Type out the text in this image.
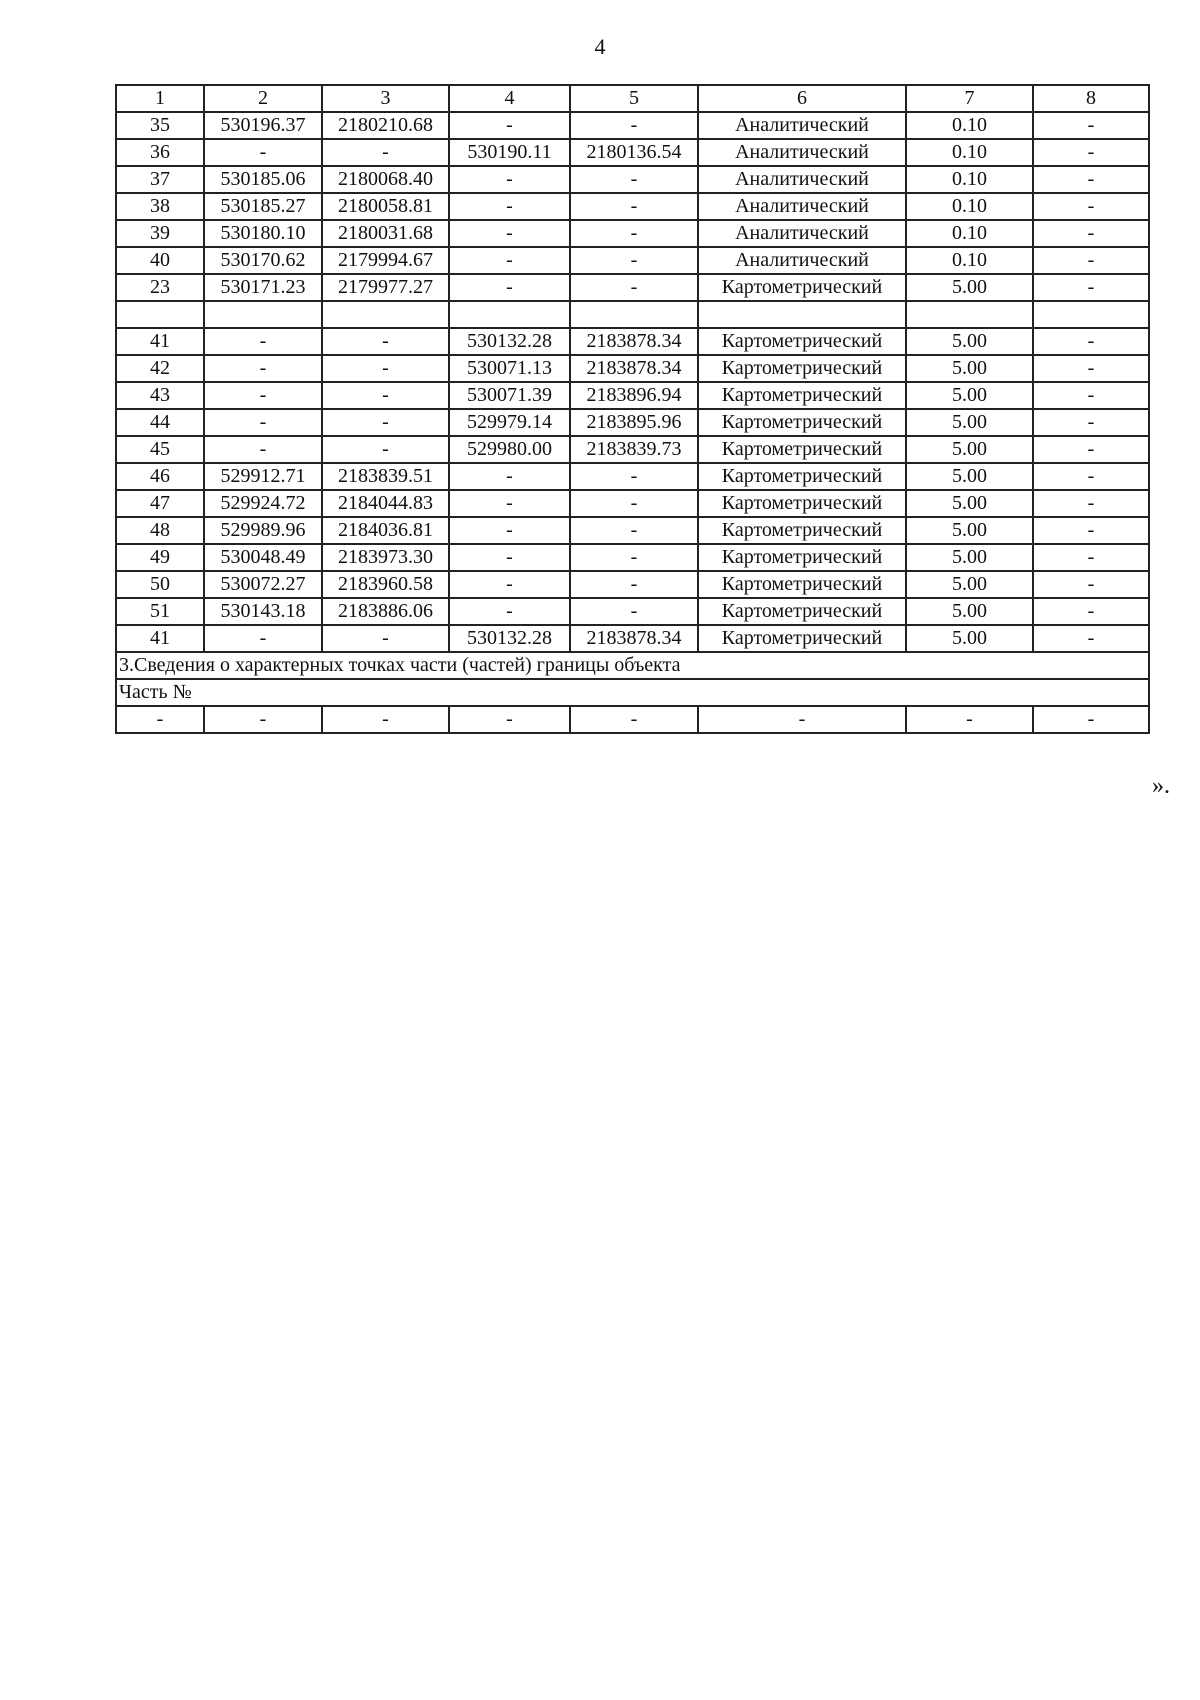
4
1	2	3	4	5	6	7	8
35	530196.37	2180210.68	-	-	Аналитический	0.10	-
36	-	-	530190.11	2180136.54	Аналитический	0.10	-
37	530185.06	2180068.40	-	-	Аналитический	0.10	-
38	530185.27	2180058.81	-	-	Аналитический	0.10	-
39	530180.10	2180031.68	-	-	Аналитический	0.10	-
40	530170.62	2179994.67	-	-	Аналитический	0.10	-
23	530171.23	2179977.27	-	-	Картометрический	5.00	-

41	-	-	530132.28	2183878.34	Картометрический	5.00	-
42	-	-	530071.13	2183878.34	Картометрический	5.00	-
43	-	-	530071.39	2183896.94	Картометрический	5.00	-
44	-	-	529979.14	2183895.96	Картометрический	5.00	-
45	-	-	529980.00	2183839.73	Картометрический	5.00	-
46	529912.71	2183839.51	-	-	Картометрический	5.00	-
47	529924.72	2184044.83	-	-	Картометрический	5.00	-
48	529989.96	2184036.81	-	-	Картометрический	5.00	-
49	530048.49	2183973.30	-	-	Картометрический	5.00	-
50	530072.27	2183960.58	-	-	Картометрический	5.00	-
51	530143.18	2183886.06	-	-	Картометрический	5.00	-
41	-	-	530132.28	2183878.34	Картометрический	5.00	-
3.Сведения о характерных точках части (частей) границы объекта							
Часть №							
-	-	-	-	-	-	-	-
».
